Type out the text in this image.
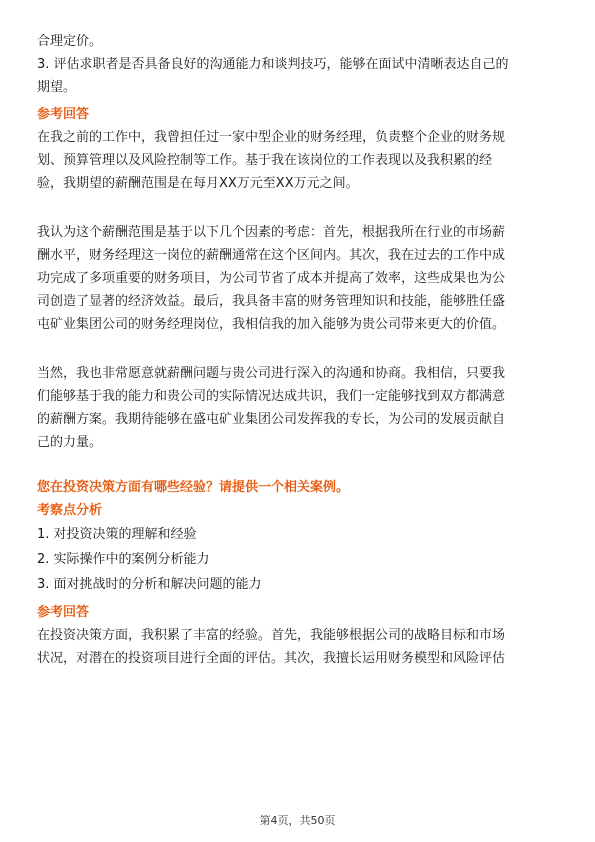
合理定价。

3. 评估求职者是否具备良好的沟通能力和谈判技巧，能够在面试中清晰表达自己的
期望。

参考回答

在我之前的工作中，我曾担任过一家中型企业的财务经理，负责整个企业的财务规
划、预算管理以及风险控制等工作。基于我在该岗位的工作表现以及我积累的经
验，我期望的薪酬范围是在每月XX万元至XX万元之间。

我认为这个薪酬范围是基于以下几个因素的考虑：首先，根据我所在行业的市场薪
酬水平，财务经理这一岗位的薪酬通常在这个区间内。其次，我在过去的工作中成
功完成了多项重要的财务项目，为公司节省了成本并提高了效率，这些成果也为公
司创造了显著的经济效益。最后，我具备丰富的财务管理知识和技能，能够胜任盛
屯矿业集团公司的财务经理岗位，我相信我的加入能够为贵公司带来更大的价值。

当然，我也非常愿意就薪酬问题与贵公司进行深入的沟通和协商。我相信，只要我
们能够基于我的能力和贵公司的实际情况达成共识，我们一定能够找到双方都满意
的薪酬方案。我期待能够在盛屯矿业集团公司发挥我的专长，为公司的发展贡献自
己的力量。

您在投资决策方面有哪些经验？请提供一个相关案例。

考察点分析

1. 对投资决策的理解和经验

2. 实际操作中的案例分析能力

3. 面对挑战时的分析和解决问题的能力

参考回答

在投资决策方面，我积累了丰富的经验。首先，我能够根据公司的战略目标和市场
状况，对潜在的投资项目进行全面的评估。其次，我擅长运用财务模型和风险评估

第4页，共50页
